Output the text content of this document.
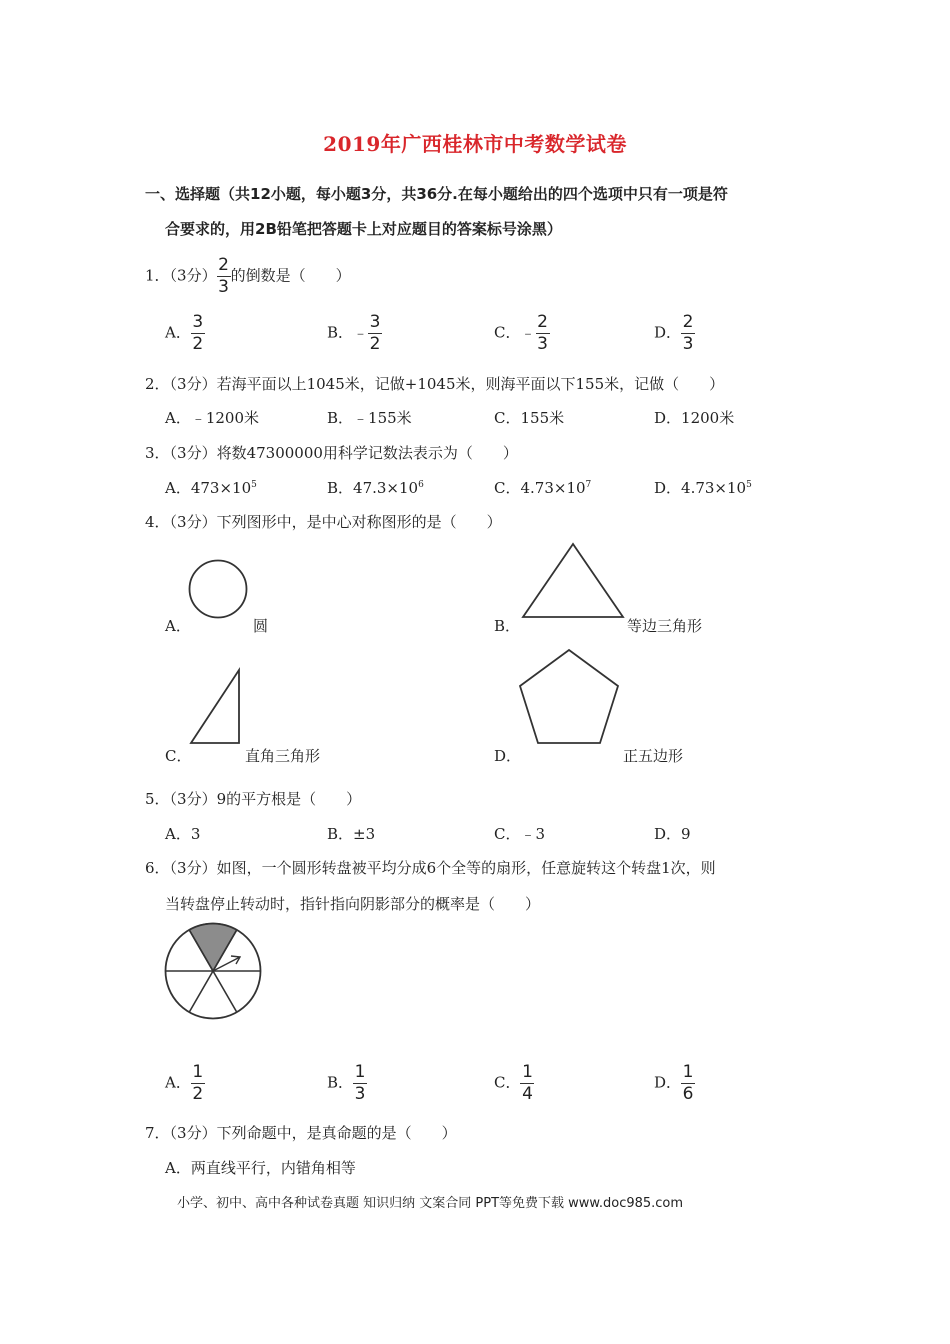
2019年广西桂林市中考数学试卷
一、选择题（共12小题，每小题3分，共36分.在每小题给出的四个选项中只有一项是符
合要求的，用2B铅笔把答题卡上对应题目的答案标号涂黑）
1．（3分） $\frac{2}{3}$ 的倒数是（　　）
A． $\frac{3}{2}$	B．﹣ $\frac{3}{2}$	C．﹣ $\frac{2}{3}$	D． $\frac{2}{3}$
2．（3分）若海平面以上1045米，记做+1045米，则海平面以下155米，记做（　　）
A．﹣1200米	B．﹣155米	C．155米	D．1200米
3．（3分）将数47300000用科学记数法表示为（　　）
A．$473\times 10^5$	B．$47.3\times 10^6$	C．$4.73\times 10^7$	D．$4.73\times 10^5$
4．（3分）下列图形中，是中心对称图形的是（　　）
A．	圆	B．	等边三角形
C．	直角三角形	D．	正五边形
5．（3分）9的平方根是（　　）
A．3	B．±3	C．﹣3	D．9
6．（3分）如图，一个圆形转盘被平均分成6个全等的扇形，任意旋转这个转盘1次，则
当转盘停止转动时，指针指向阴影部分的概率是（　　）
A． $\frac{1}{2}$	B． $\frac{1}{3}$	C． $\frac{1}{4}$	D． $\frac{1}{6}$
7．（3分）下列命题中，是真命题的是（　　）
A．两直线平行，内错角相等
小学、初中、高中各种试卷真题 知识归纳 文案合同 PPT等免费下载 www.doc985.com
